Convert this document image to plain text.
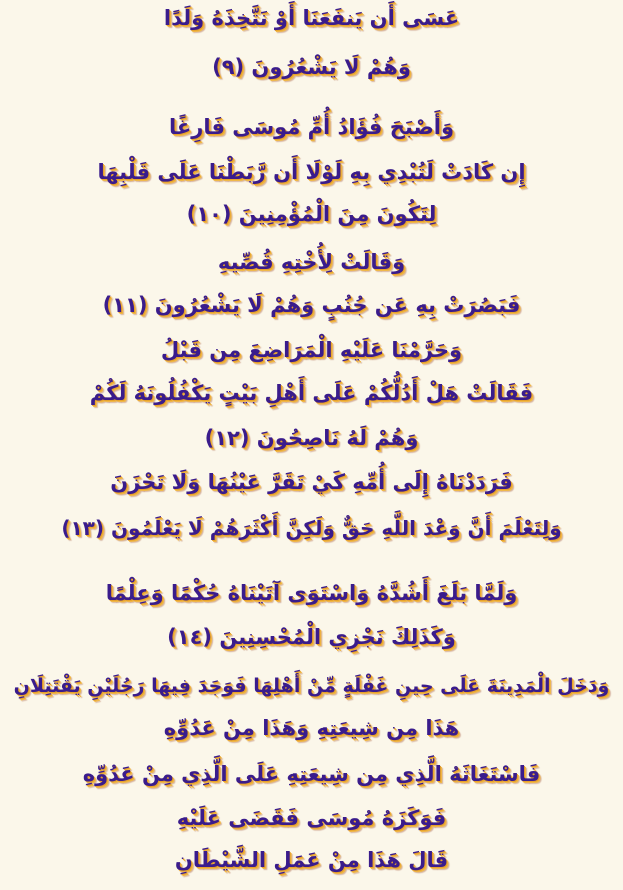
عَسَى أَن يَنفَعَنَا أَوْ نَتَّخِذَهُ وَلَدًا
وَهُمْ لَا يَشْعُرُونَ (٩)
وَأَصْبَحَ فُؤَادُ أُمِّ مُوسَى فَارِغًا
إِن كَادَتْ لَتُبْدِي بِهِ لَوْلَا أَن رَّبَطْنَا عَلَى قَلْبِهَا
لِتَكُونَ مِنَ الْمُؤْمِنِينَ (١٠)
وَقَالَتْ لِأُخْتِهِ قُصِّيهِ
فَبَصُرَتْ بِهِ عَن جُنُبٍ وَهُمْ لَا يَشْعُرُونَ (١١)
وَحَرَّمْنَا عَلَيْهِ الْمَرَاضِعَ مِن قَبْلُ
فَقَالَتْ هَلْ أَدُلُّكُمْ عَلَى أَهْلِ بَيْتٍ يَكْفُلُونَهُ لَكُمْ
وَهُمْ لَهُ نَاصِحُونَ (١٢)
فَرَدَدْنَاهُ إِلَى أُمِّهِ كَيْ تَقَرَّ عَيْنُهَا وَلَا تَحْزَنَ
وَلِتَعْلَمَ أَنَّ وَعْدَ اللَّهِ حَقٌّ وَلَكِنَّ أَكْثَرَهُمْ لَا يَعْلَمُونَ (١٣)
وَلَمَّا بَلَغَ أَشُدَّهُ وَاسْتَوَى آتَيْنَاهُ حُكْمًا وَعِلْمًا
وَكَذَلِكَ نَجْزِي الْمُحْسِنِينَ (١٤)
وَدَخَلَ الْمَدِينَةَ عَلَى حِينِ غَفْلَةٍ مِّنْ أَهْلِهَا فَوَجَدَ فِيهَا رَجُلَيْنِ يَقْتَتِلَانِ
هَذَا مِن شِيعَتِهِ وَهَذَا مِنْ عَدُوِّهِ
فَاسْتَغَاثَهُ الَّذِي مِن شِيعَتِهِ عَلَى الَّذِي مِنْ عَدُوِّهِ
فَوَكَزَهُ مُوسَى فَقَضَى عَلَيْهِ
قَالَ هَذَا مِنْ عَمَلِ الشَّيْطَانِ
